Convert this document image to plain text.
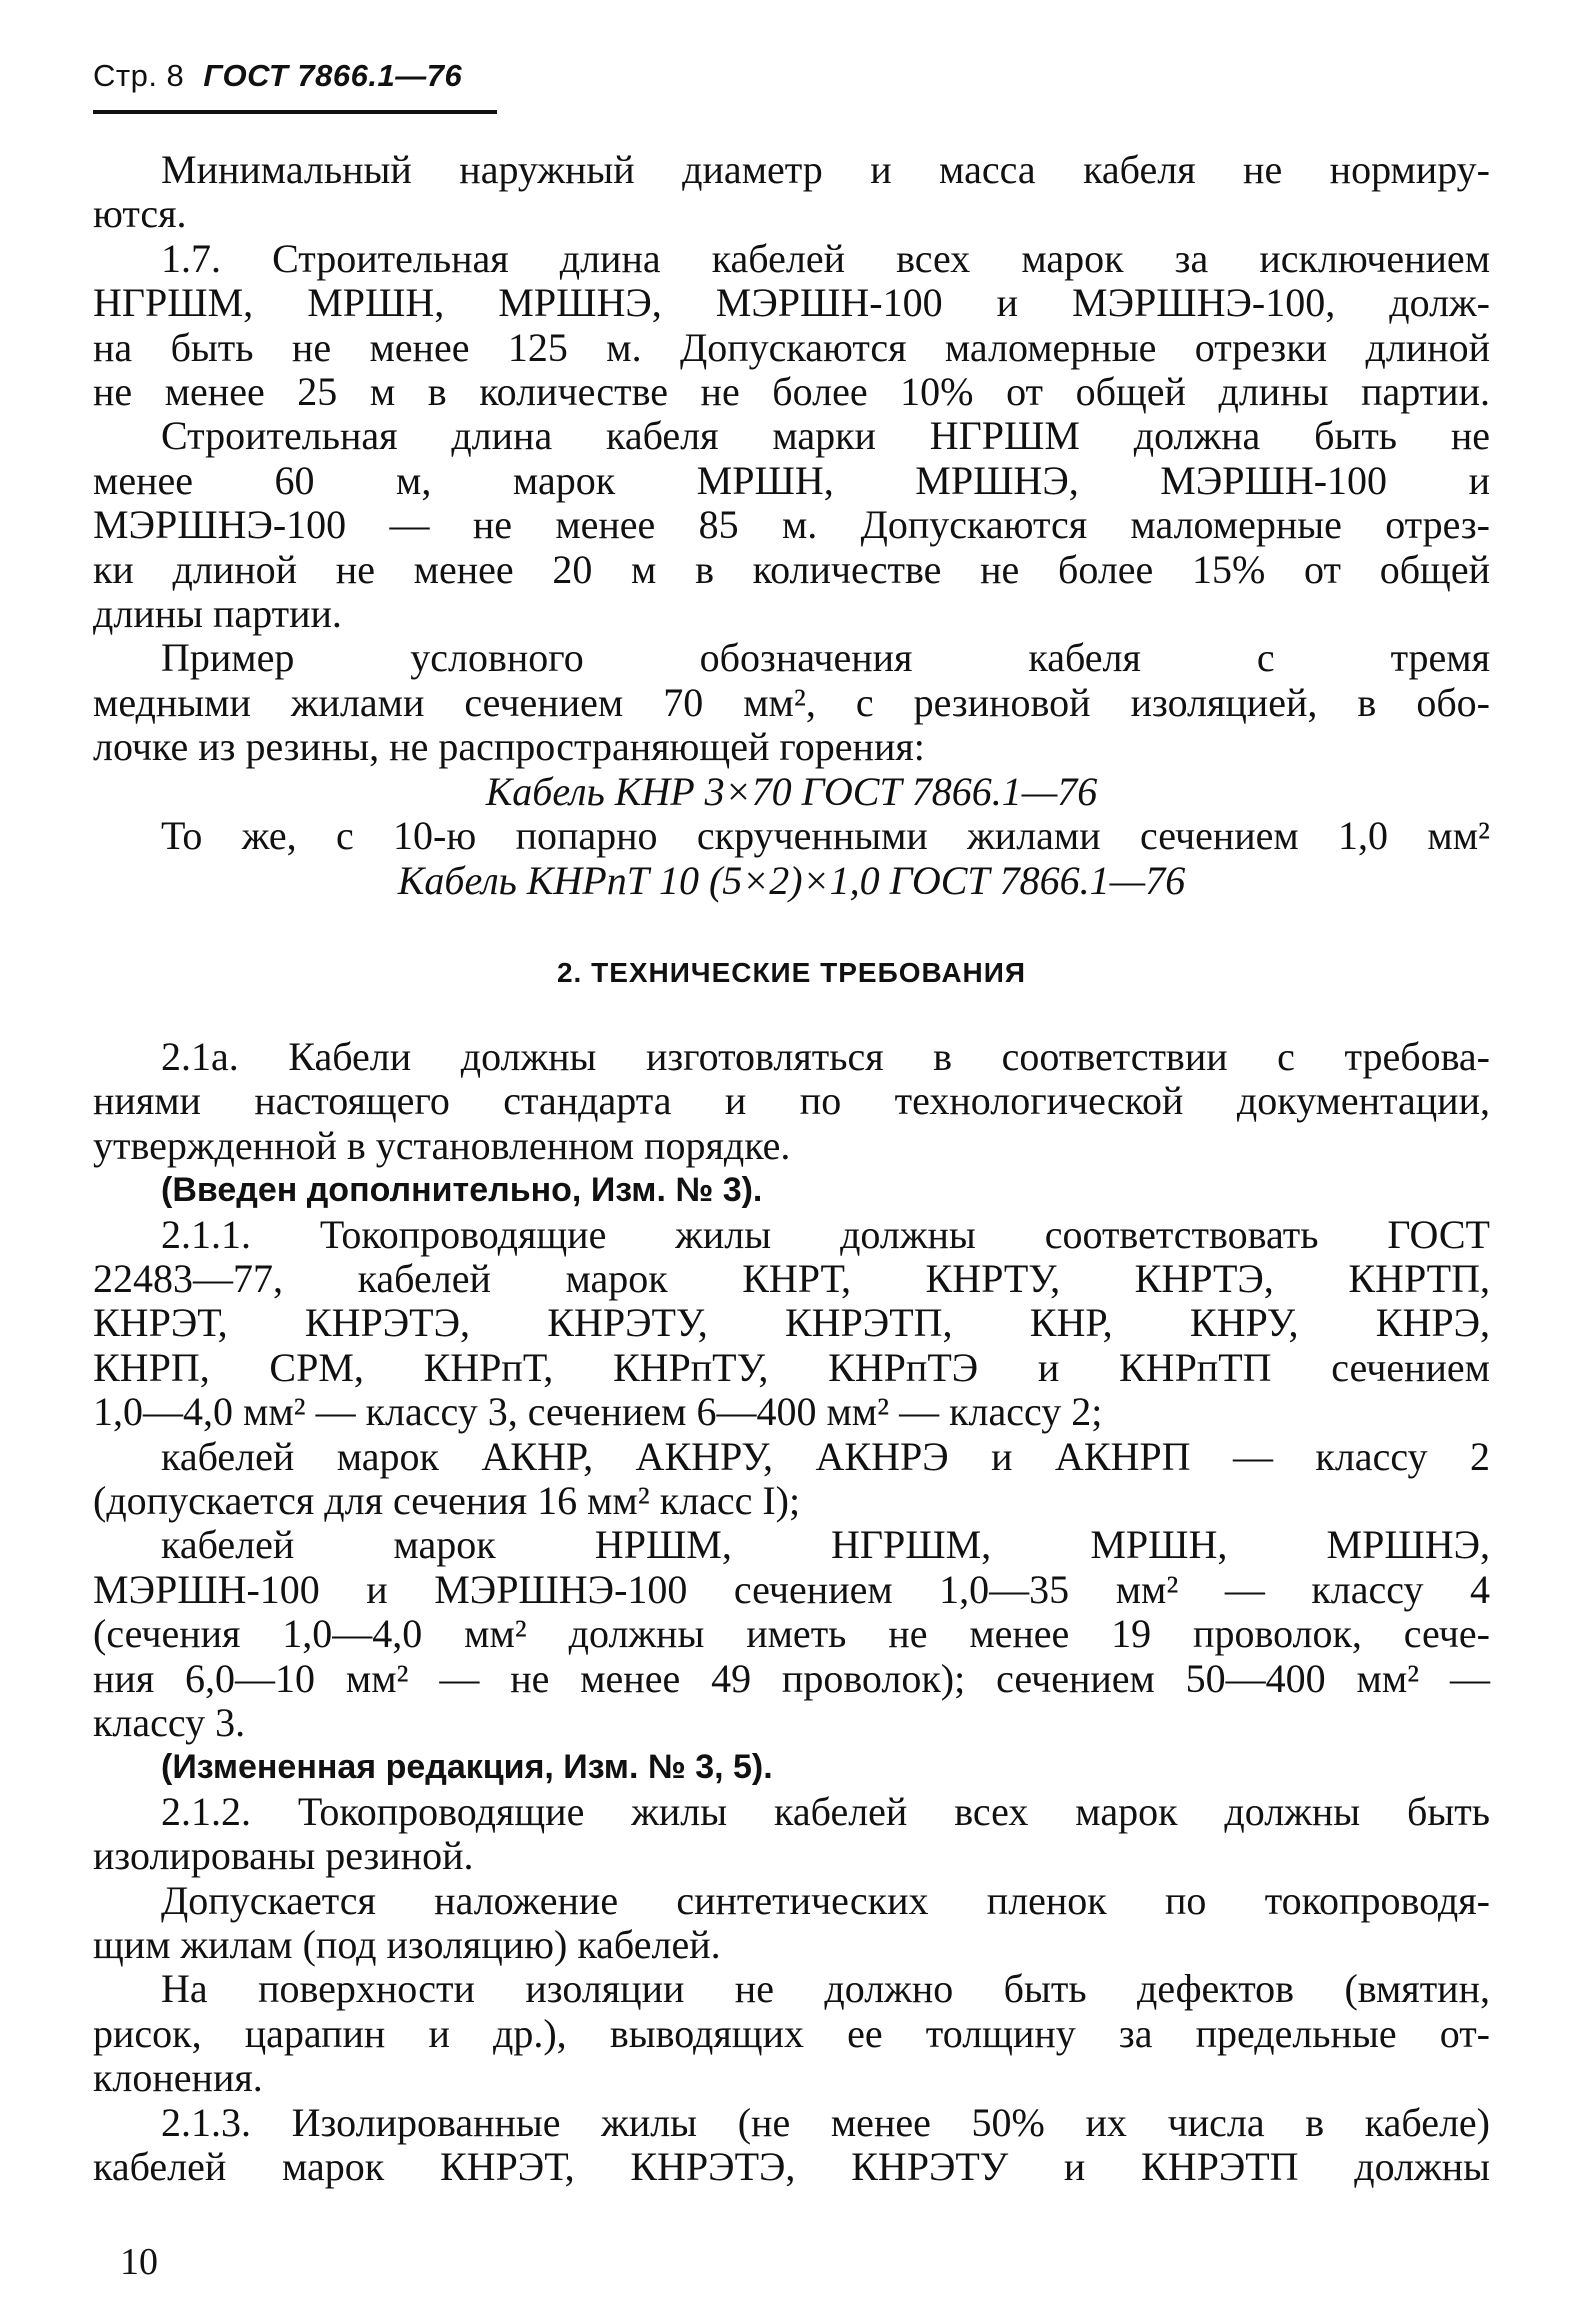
Стр. 8 ГОСТ 7866.1—76

Минимальный наружный диаметр и масса кабеля не нормиру-

ются.

1.7. Строительная длина кабелей всех марок за исключением

НГРШМ, МРШН, МРШНЭ, МЭРШН-100 и МЭРШНЭ-100, долж-

на быть не менее 125 м. Допускаются маломерные отрезки длиной

не менее 25 м в количестве не более 10% от общей длины партии.

Строительная длина кабеля марки НГРШМ должна быть не

менее 60 м, марок МРШН, МРШНЭ, МЭРШН-100 и

МЭРШНЭ-100 — не менее 85 м. Допускаются маломерные отрез-

ки длиной не менее 20 м в количестве не более 15% от общей

длины партии.

Пример условного обозначения кабеля с тремя

медными жилами сечением 70 мм², с резиновой изоляцией, в обо-

лочке из резины, не распространяющей горения:

Кабель КНР 3×70 ГОСТ 7866.1—76

То же, с 10-ю попарно скрученными жилами сечением 1,0 мм²

Кабель КНРпТ 10 (5×2)×1,0 ГОСТ 7866.1—76

2. ТЕХНИЧЕСКИЕ ТРЕБОВАНИЯ

2.1а. Кабели должны изготовляться в соответствии с требова-

ниями настоящего стандарта и по технологической документации,

утвержденной в установленном порядке.

(Введен дополнительно, Изм. № 3).

2.1.1. Токопроводящие жилы должны соответствовать ГОСТ

22483—77, кабелей марок КНРТ, КНРТУ, КНРТЭ, КНРТП,

КНРЭТ, КНРЭТЭ, КНРЭТУ, КНРЭТП, КНР, КНРУ, КНРЭ,

КНРП, СРМ, КНРпТ, КНРпТУ, КНРпТЭ и КНРпТП сечением

1,0—4,0 мм² — классу 3, сечением 6—400 мм² — классу 2;

кабелей марок АКНР, АКНРУ, АКНРЭ и АКНРП — классу 2

(допускается для сечения 16 мм² класс I);

кабелей марок НРШМ, НГРШМ, МРШН, МРШНЭ,

МЭРШН-100 и МЭРШНЭ-100 сечением 1,0—35 мм² — классу 4

(сечения 1,0—4,0 мм² должны иметь не менее 19 проволок, сече-

ния 6,0—10 мм² — не менее 49 проволок); сечением 50—400 мм² —

классу 3.

(Измененная редакция, Изм. № 3, 5).

2.1.2. Токопроводящие жилы кабелей всех марок должны быть

изолированы резиной.

Допускается наложение синтетических пленок по токопроводя-

щим жилам (под изоляцию) кабелей.

На поверхности изоляции не должно быть дефектов (вмятин,

рисок, царапин и др.), выводящих ее толщину за предельные от-

клонения.

2.1.3. Изолированные жилы (не менее 50% их числа в кабеле)

кабелей марок КНРЭТ, КНРЭТЭ, КНРЭТУ и КНРЭТП должны

10
